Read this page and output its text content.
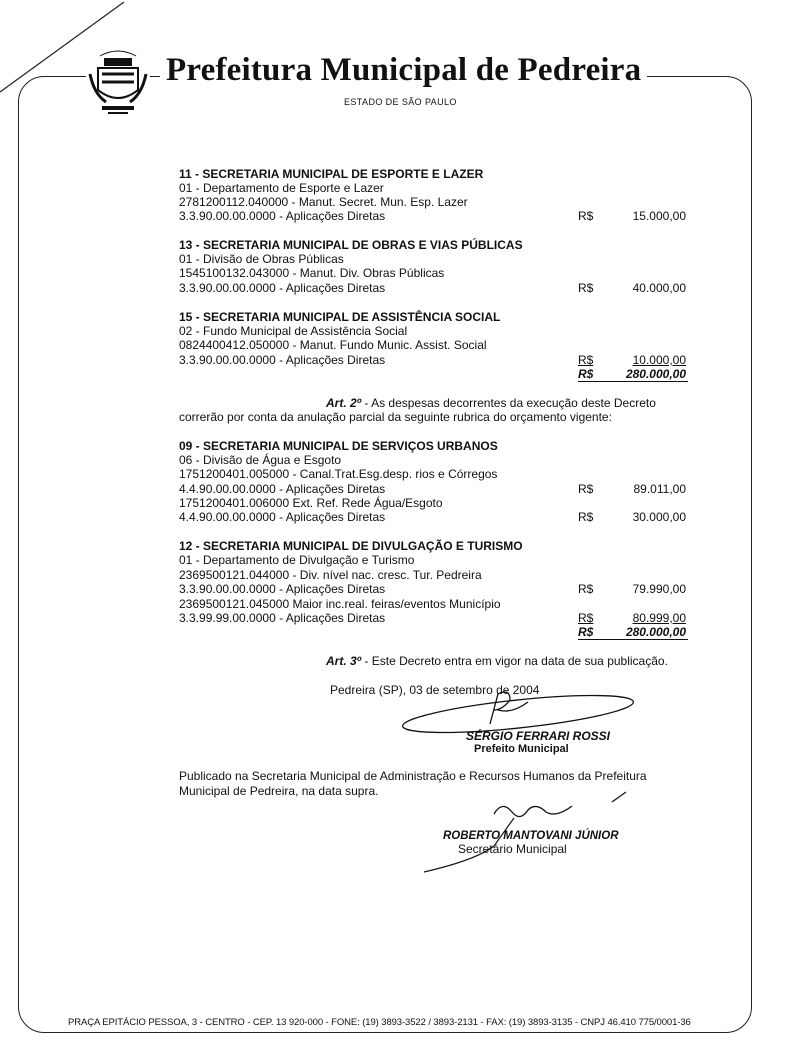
Prefeitura Municipal de Pedreira
ESTADO DE SÃO PAULO
11 - SECRETARIA MUNICIPAL DE ESPORTE E LAZER
01 - Departamento de Esporte e Lazer
2781200112.040000 - Manut. Secret. Mun. Esp. Lazer
3.3.90.00.00.0000 - Aplicações Diretas	R$	15.000,00
13 - SECRETARIA MUNICIPAL DE OBRAS E VIAS PÚBLICAS
01 - Divisão de Obras Públicas
1545100132.043000 - Manut. Div. Obras Públicas
3.3.90.00.00.0000 - Aplicações Diretas	R$	40.000,00
15 - SECRETARIA MUNICIPAL DE ASSISTÊNCIA SOCIAL
02 - Fundo Municipal de Assistência Social
0824400412.050000 - Manut. Fundo Munic. Assist. Social
3.3.90.00.00.0000 - Aplicações Diretas	R$	10.000,00
R$	280.000,00
Art. 2º - As despesas decorrentes da execução deste Decreto
correrão por conta da anulação parcial da seguinte rubrica do orçamento vigente:
09 - SECRETARIA MUNICIPAL DE SERVIÇOS URBANOS
06 - Divisão de Água e Esgoto
1751200401.005000 - Canal.Trat.Esg.desp. rios e Córregos
4.4.90.00.00.0000 - Aplicações Diretas	R$	89.011,00
1751200401.006000 Ext. Ref. Rede Água/Esgoto
4.4.90.00.00.0000 - Aplicações Diretas	R$	30.000,00
12 - SECRETARIA MUNICIPAL DE DIVULGAÇÃO E TURISMO
01 - Departamento de Divulgação e Turismo
2369500121.044000 - Div. nível nac. cresc. Tur. Pedreira
3.3.90.00.00.0000 - Aplicações Diretas	R$	79.990,00
2369500121.045000 Maior inc.real. feiras/eventos Município
3.3.99.99.00.0000 - Aplicações Diretas	R$	80.999,00
R$	280.000,00
Art. 3º - Este Decreto entra em vigor na data de sua publicação.
Pedreira (SP), 03 de setembro de 2004
SÉRGIO FERRARI ROSSI
Prefeito Municipal
Publicado na Secretaria Municipal de Administração e Recursos Humanos da Prefeitura
Municipal de Pedreira, na data supra.
ROBERTO MANTOVANI JÚNIOR
Secretário Municipal
PRAÇA EPITÁCIO PESSOA, 3 - CENTRO - CEP. 13 920-000 - FONE: (19) 3893-3522 / 3893-2131 - FAX: (19) 3893-3135 - CNPJ 46.410 775/0001-36
